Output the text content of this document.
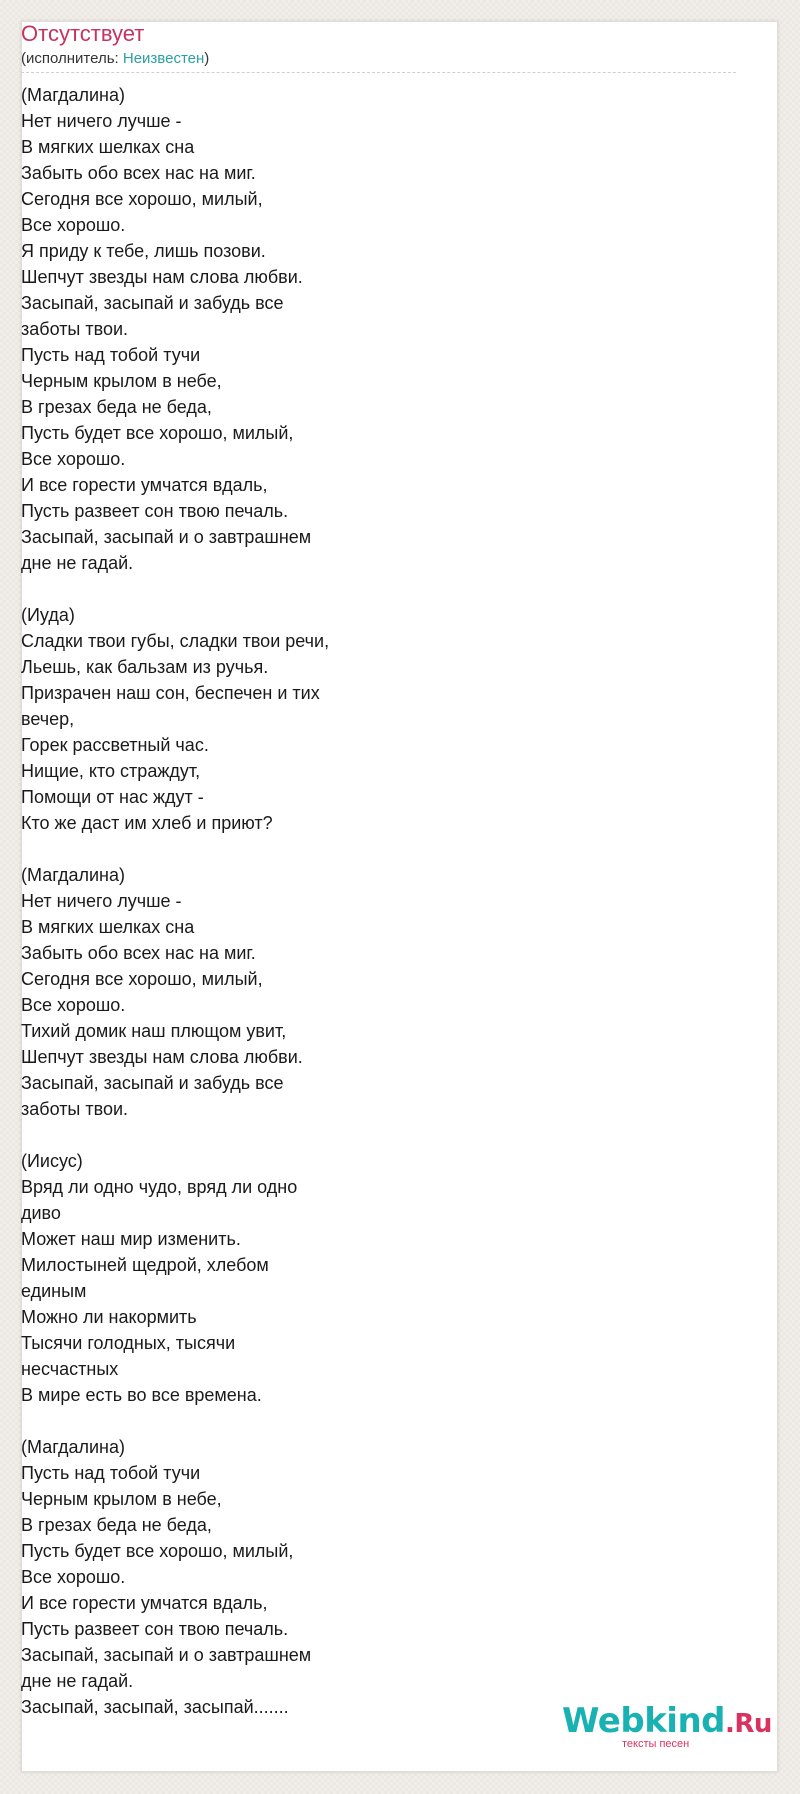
Отсутствует
(исполнитель: Неизвестен)
(Магдалина)
Нет ничего лучше -
В мягких шелках сна
Забыть обо всех нас на миг.
Сегодня все хорошо, милый,
Все хорошо.
Я приду к тебе, лишь позови.
Шепчут звезды нам слова любви.
Засыпай, засыпай и забудь все
заботы твои.
Пусть над тобой тучи
Черным крылом в небе,
В грезах беда не беда,
Пусть будет все хорошо, милый,
Все хорошо.
И все горести умчатся вдаль,
Пусть развеет сон твою печаль.
Засыпай, засыпай и о завтрашнем
дне не гадай.
(Иуда)
Сладки твои губы, сладки твои речи,
Льешь, как бальзам из ручья.
Призрачен наш сон, беспечен и тих
вечер,
Горек рассветный час.
Нищие, кто страждут,
Помощи от нас ждут -
Кто же даст им хлеб и приют?
(Магдалина)
Нет ничего лучше -
В мягких шелках сна
Забыть обо всех нас на миг.
Сегодня все хорошо, милый,
Все хорошо.
Тихий домик наш плющом увит,
Шепчут звезды нам слова любви.
Засыпай, засыпай и забудь все
заботы твои.
(Иисус)
Вряд ли одно чудо, вряд ли одно
диво
Может наш мир изменить.
Милостыней щедрой, хлебом
единым
Можно ли накормить
Тысячи голодных, тысячи
несчастных
В мире есть во все времена.
(Магдалина)
Пусть над тобой тучи
Черным крылом в небе,
В грезах беда не беда,
Пусть будет все хорошо, милый,
Все хорошо.
И все горести умчатся вдаль,
Пусть развеет сон твою печаль.
Засыпай, засыпай и о завтрашнем
дне не гадай.
Засыпай, засыпай, засыпай.......	Webkind.Ru
тексты песен
